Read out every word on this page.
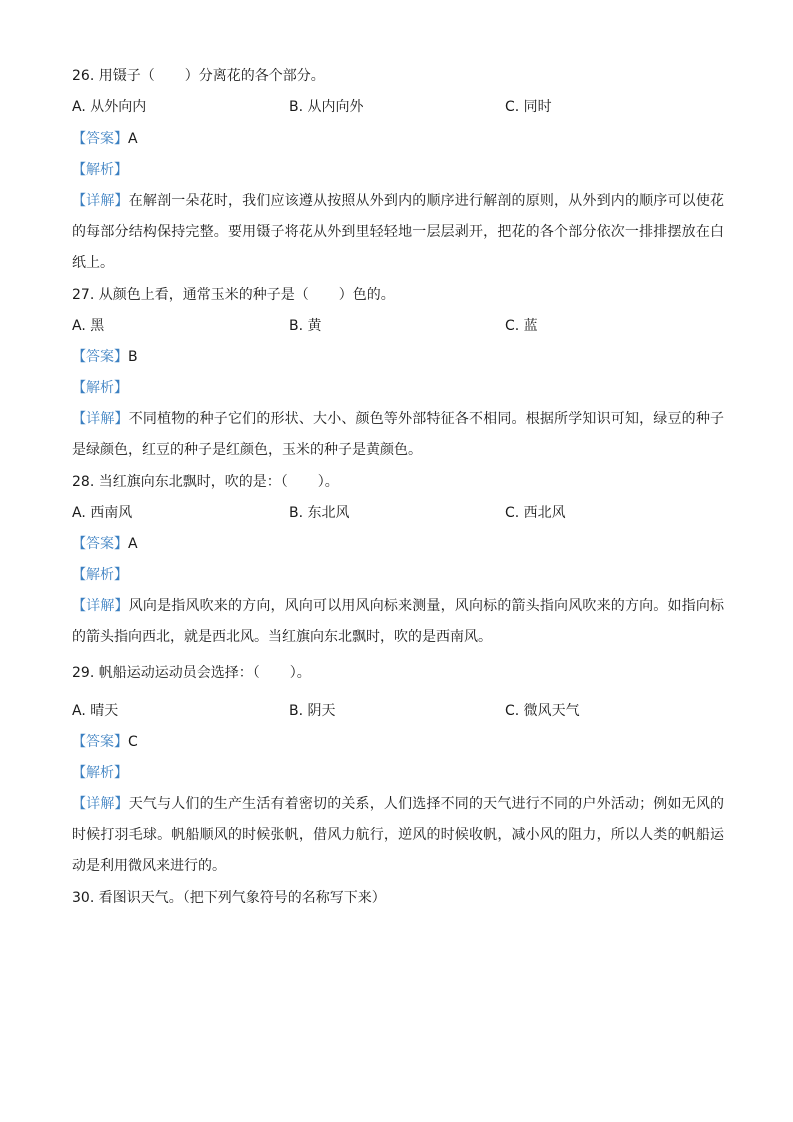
26. 用镊子（ ）分离花的各个部分。
A. 从外向内	B. 从内向外	C. 同时
【答案】A
【解析】
【详解】在解剖一朵花时，我们应该遵从按照从外到内的顺序进行解剖的原则，从外到内的顺序可以使花的每部分结构保持完整。要用镊子将花从外到里轻轻地一层层剥开，把花的各个部分依次一排排摆放在白纸上。
27. 从颜色上看，通常玉米的种子是（ ）色的。
A. 黑	B. 黄	C. 蓝
【答案】B
【解析】
【详解】不同植物的种子它们的形状、大小、颜色等外部特征各不相同。根据所学知识可知，绿豆的种子是绿颜色，红豆的种子是红颜色，玉米的种子是黄颜色。
28. 当红旗向东北飘时，吹的是：（ ）。
A. 西南风	B. 东北风	C. 西北风
【答案】A
【解析】
【详解】风向是指风吹来的方向，风向可以用风向标来测量，风向标的箭头指向风吹来的方向。如指向标的箭头指向西北，就是西北风。当红旗向东北飘时，吹的是西南风。
29. 帆船运动运动员会选择：（ ）。
A. 晴天	B. 阴天	C. 微风天气
【答案】C
【解析】
【详解】天气与人们的生产生活有着密切的关系，人们选择不同的天气进行不同的户外活动；例如无风的时候打羽毛球。帆船顺风的时候张帆，借风力航行，逆风的时候收帆，减小风的阻力，所以人类的帆船运动是利用微风来进行的。
30. 看图识天气。（把下列气象符号的名称写下来）
